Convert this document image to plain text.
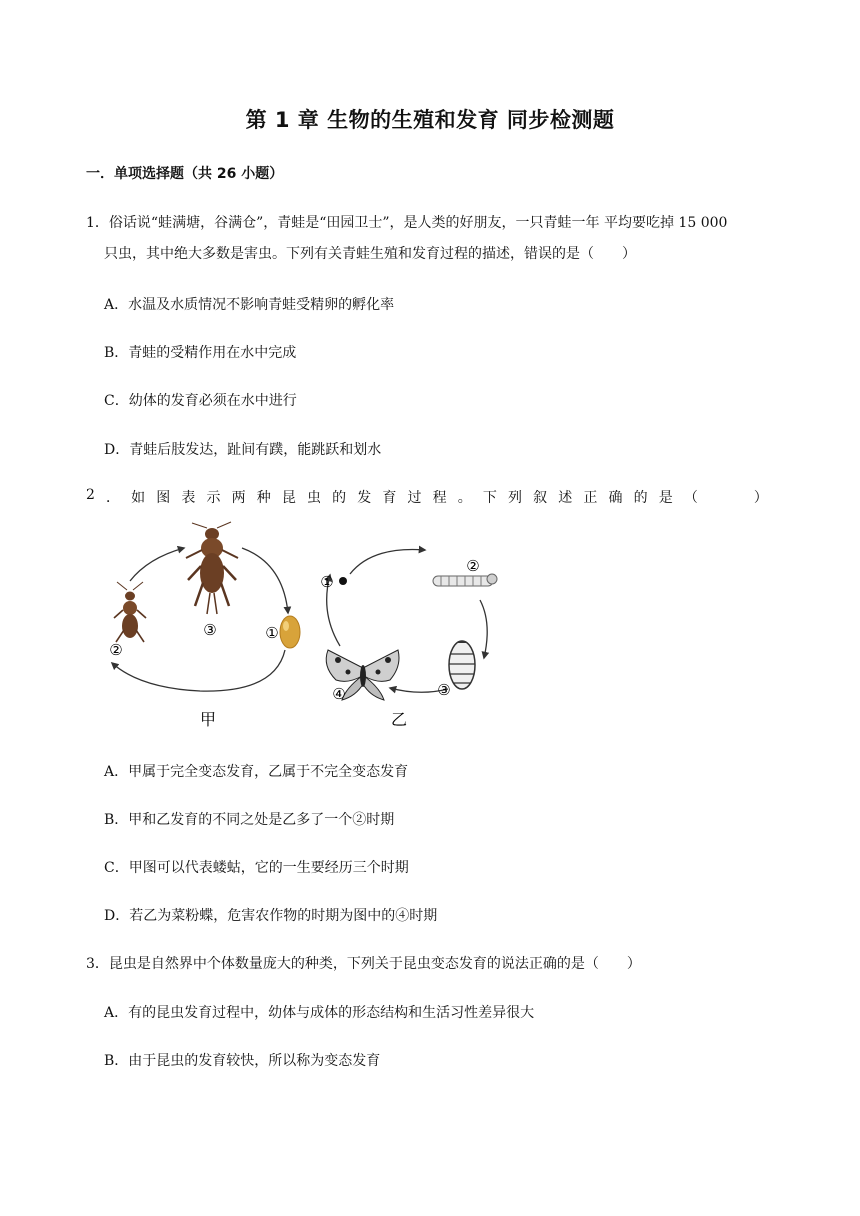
第 1 章 生物的生殖和发育 同步检测题
一．单项选择题（共 26 小题）
1．俗话说“蛙满塘，谷满仓”，青蛙是“田园卫士”，是人类的好朋友，一只青蛙一年 平均要吃掉 15 000
只虫，其中绝大多数是害虫。下列有关青蛙生殖和发育过程的描述，错误的是（　　）
A．水温及水质情况不影响青蛙受精卵的孵化率
B．青蛙的受精作用在水中完成
C．幼体的发育必须在水中进行
D．青蛙后肢发达，趾间有蹼，能跳跃和划水
2 ． 如 图 表 示 两 种 昆 虫 的 发 育 过 程 。 下 列 叙 述 正 确 的 是 （　　　　）
③	①
②
甲
①
②
③
④
乙
A．甲属于完全变态发育，乙属于不完全变态发育
B．甲和乙发育的不同之处是乙多了一个②时期
C．甲图可以代表蝼蛄，它的一生要经历三个时期
D．若乙为菜粉蝶，危害农作物的时期为图中的④时期
3．昆虫是自然界中个体数量庞大的种类，下列关于昆虫变态发育的说法正确的是（　　）
A．有的昆虫发育过程中，幼体与成体的形态结构和生活习性差异很大
B．由于昆虫的发育较快，所以称为变态发育
